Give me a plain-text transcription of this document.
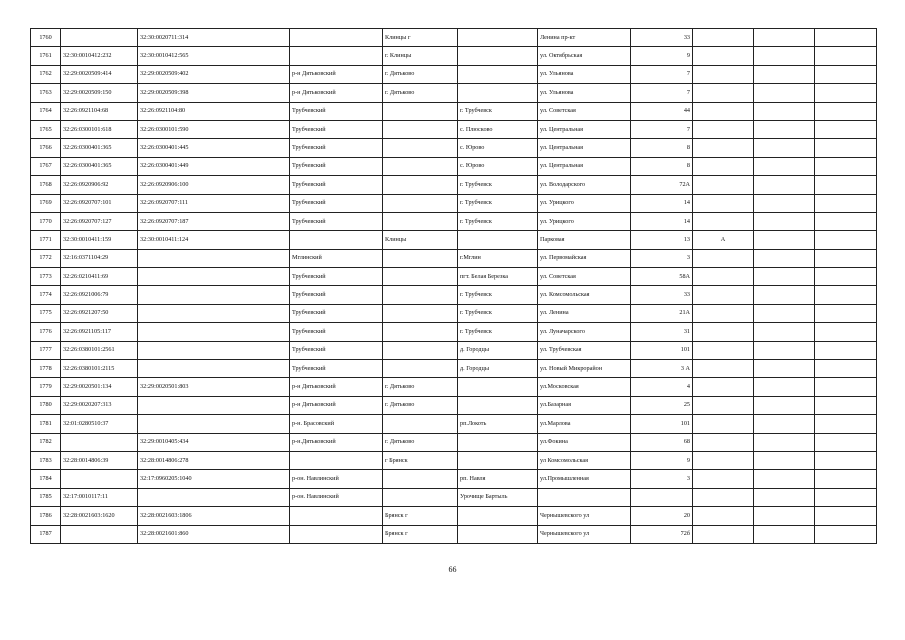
1760		32:30:0020711:314		Клинцы г		Ленина пр-кт	33			
1761	32:30:0010412:232	32:30:0010412:565		г. Клинцы		ул. Октябрьская	9			
1762	32:29:0020509:414	32:29:0020509:402	р-н Дятьковский	г. Дятьково		ул. Ульянова	7			
1763	32:29:0020509:150	32:29:0020509:398	р-н Дятьковский	г. Дятьково		ул. Ульянова	7			
1764	32:26:0921104:68	32:26:0921104:80	Трубчевский		г. Трубчевск	ул. Советская	44			
1765	32:26:0300101:618	32:26:0300101:590	Трубчевский		с. Плюсково	ул. Центральная	7			
1766	32:26:0300401:365	32:26:0300401:445	Трубчевский		с. Юрово	ул. Центральная	8			
1767	32:26:0300401:365	32:26:0300401:449	Трубчевский		с. Юрово	ул. Центральная	8			
1768	32:26:0920906:92	32:26:0920906:100	Трубчевский		г. Трубчевск	ул. Володарского	72А			
1769	32:26:0920707:101	32:26:0920707:111	Трубчевский		г. Трубчевск	ул. Урицкого	14			
1770	32:26:0920707:127	32:26:0920707:187	Трубчевский		г. Трубчевск	ул. Урицкого	14			
1771	32:30:0010411:159	32:30:0010411:124		Клинцы		Парковая	13	А		
1772	32:16:0371104:29		Мглинский		г.Мглин	ул. Первомайская	3			
1773	32:26:0210411:69		Трубчевский		пгт. Белая Березка	ул. Советская	58А			
1774	32:26:0921006:79		Трубчевский		г. Трубчевск	ул. Комсомольская	33			
1775	32:26:0921207:50		Трубчевский		г. Трубчевск	ул. Ленина	21А			
1776	32:26:0921105:117		Трубчевский		г. Трубчевск	ул. Луначарского	31			
1777	32:26:0380101:2561		Трубчевский		д. Городцы	ул. Трубчевская	101			
1778	32:26:0380101:2115		Трубчевский		д. Городцы	ул. Новый Микрорайон	3 А			
1779	32:29:0020501:134	32:29:0020501:803	р-н Дятьковский	г. Дятьково		ул.Московская	4			
1780	32:29:0020207:313		р-н Дятьковский	г. Дятьково		ул.Базарная	25			
1781	32:01:0280510:37		р-н. Брасовский		рп.Локоть	ул.Марлова	101			
1782		32:29:0010405:434	р-н.Дятьковский	г. Дятьково		ул.Фокина	68			
1783	32:28:0014806:39	32:28:0014806:278		г Брянск		ул Комсомольская	9			
1784		32:17:0960205:1040	р-он. Навлинский		рп. Навля	ул.Промышленная	3			
1785	32:17:0010117:11		р-он. Навлинский		Урочище Бартыль					
1786	32:28:0021603:1620	32:28:0021603:1806		Брянск г		Чернышевского ул	20			
1787		32:28:0021601:860		Брянск г		Чернышевского ул	72б			
66
